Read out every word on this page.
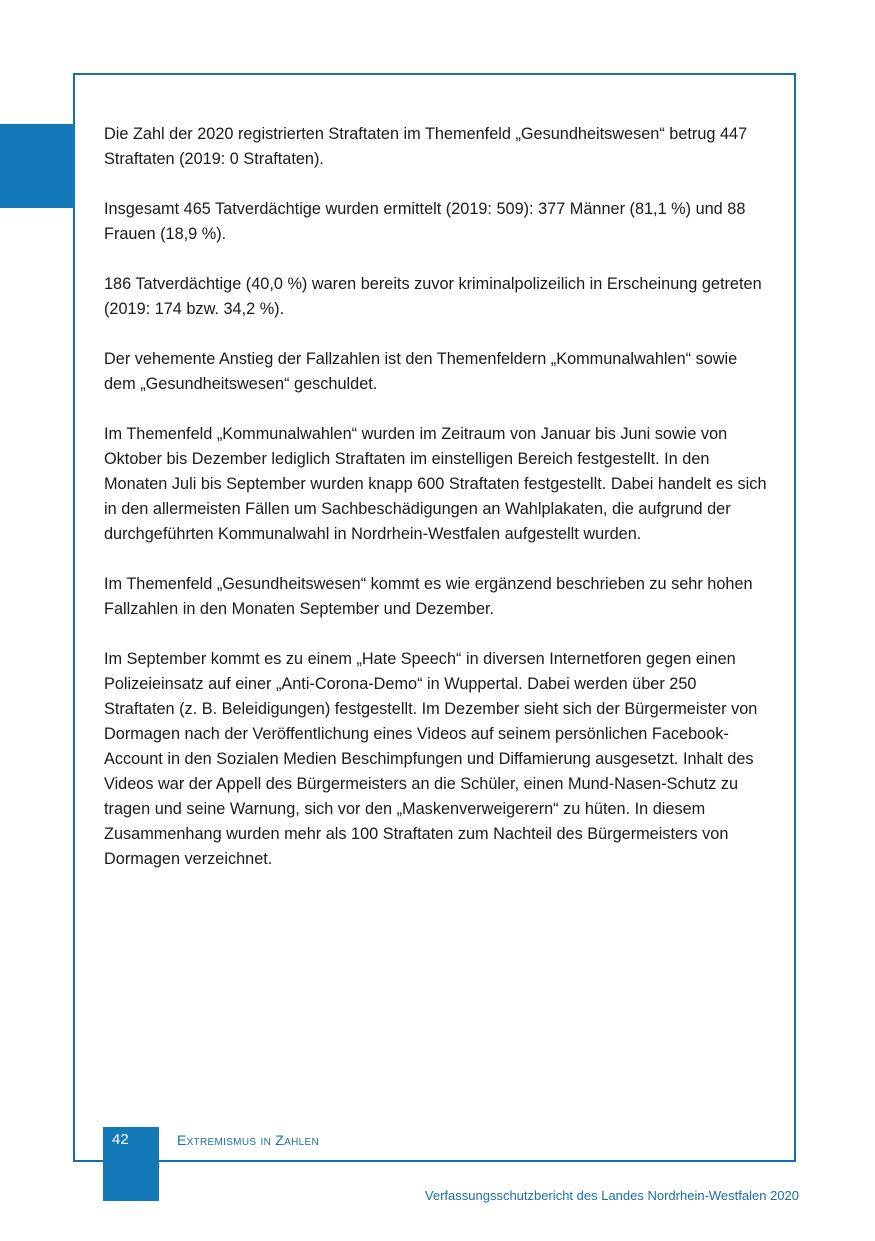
Die Zahl der 2020 registrierten Straftaten im Themenfeld „Gesundheitswesen“ betrug 447 Straftaten (2019: 0 Straftaten).

Insgesamt 465 Tatverdächtige wurden ermittelt (2019: 509): 377 Männer (81,1 %) und 88 Frauen (18,9 %).

186 Tatverdächtige (40,0 %) waren bereits zuvor kriminalpolizeilich in Erscheinung getreten (2019: 174 bzw. 34,2 %).

Der vehemente Anstieg der Fallzahlen ist den Themenfeldern „Kommunalwahlen“ sowie dem „Gesundheitswesen“ geschuldet.

Im Themenfeld „Kommunalwahlen“ wurden im Zeitraum von Januar bis Juni sowie von Oktober bis Dezember lediglich Straftaten im einstelligen Bereich festgestellt. In den Monaten Juli bis September wurden knapp 600 Straftaten festgestellt. Dabei handelt es sich in den allermeisten Fällen um Sachbeschädigungen an Wahlplakaten, die aufgrund der durchgeführten Kommunalwahl in Nordrhein-Westfalen aufgestellt wurden.

Im Themenfeld „Gesundheitswesen“ kommt es wie ergänzend beschrieben zu sehr hohen Fallzahlen in den Monaten September und Dezember.

Im September kommt es zu einem „Hate Speech“ in diversen Internetforen gegen einen Polizeieinsatz auf einer „Anti-Corona-Demo“ in Wuppertal. Dabei werden über 250 Straftaten (z. B. Beleidigungen) festgestellt. Im Dezember sieht sich der Bürgermeister von Dormagen nach der Veröffentlichung eines Videos auf seinem persönlichen Facebook-Account in den Sozialen Medien Beschimpfungen und Diffamierung ausgesetzt. Inhalt des Videos war der Appell des Bürgermeisters an die Schüler, einen Mund-Nasen-Schutz zu tragen und seine Warnung, sich vor den „Maskenverweigerern“ zu hüten. In diesem Zusammenhang wurden mehr als 100 Straftaten zum Nachteil des Bürgermeisters von Dormagen verzeichnet.

42	Extremismus in Zahlen
Verfassungsschutzbericht des Landes Nordrhein-Westfalen 2020
